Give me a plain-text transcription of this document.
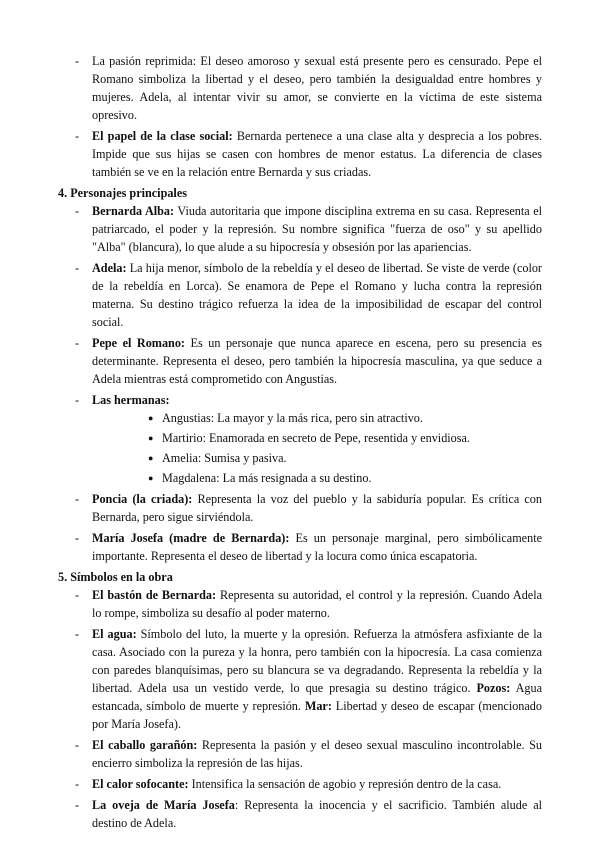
- La pasión reprimida: El deseo amoroso y sexual está presente pero es censurado. Pepe el Romano simboliza la libertad y el deseo, pero también la desigualdad entre hombres y mujeres. Adela, al intentar vivir su amor, se convierte en la víctima de este sistema opresivo.
- El papel de la clase social: Bernarda pertenece a una clase alta y desprecia a los pobres. Impide que sus hijas se casen con hombres de menor estatus. La diferencia de clases también se ve en la relación entre Bernarda y sus criadas.

4. Personajes principales

- Bernarda Alba: Viuda autoritaria que impone disciplina extrema en su casa. Representa el patriarcado, el poder y la represión. Su nombre significa "fuerza de oso" y su apellido "Alba" (blancura), lo que alude a su hipocresía y obsesión por las apariencias.
- Adela: La hija menor, símbolo de la rebeldía y el deseo de libertad. Se viste de verde (color de la rebeldía en Lorca). Se enamora de Pepe el Romano y lucha contra la represión materna. Su destino trágico refuerza la idea de la imposibilidad de escapar del control social.
- Pepe el Romano: Es un personaje que nunca aparece en escena, pero su presencia es determinante. Representa el deseo, pero también la hipocresía masculina, ya que seduce a Adela mientras está comprometido con Angustias.
- Las hermanas:
● Angustias: La mayor y la más rica, pero sin atractivo.
● Martirio: Enamorada en secreto de Pepe, resentida y envidiosa.
● Amelia: Sumisa y pasiva.
● Magdalena: La más resignada a su destino.
- Poncia (la criada): Representa la voz del pueblo y la sabiduría popular. Es crítica con Bernarda, pero sigue sirviéndola.
- María Josefa (madre de Bernarda): Es un personaje marginal, pero simbólicamente importante. Representa el deseo de libertad y la locura como única escapatoria.

5. Símbolos en la obra

- El bastón de Bernarda: Representa su autoridad, el control y la represión. Cuando Adela lo rompe, simboliza su desafío al poder materno.
- El agua: Símbolo del luto, la muerte y la opresión. Refuerza la atmósfera asfixiante de la casa. Asociado con la pureza y la honra, pero también con la hipocresía. La casa comienza con paredes blanquísimas, pero su blancura se va degradando. Representa la rebeldía y la libertad. Adela usa un vestido verde, lo que presagia su destino trágico. Pozos: Agua estancada, símbolo de muerte y represión. Mar: Libertad y deseo de escapar (mencionado por María Josefa).
- El caballo garañón: Representa la pasión y el deseo sexual masculino incontrolable. Su encierro simboliza la represión de las hijas.
- El calor sofocante: Intensifica la sensación de agobio y represión dentro de la casa.
- La oveja de María Josefa: Representa la inocencia y el sacrificio. También alude al destino de Adela.
